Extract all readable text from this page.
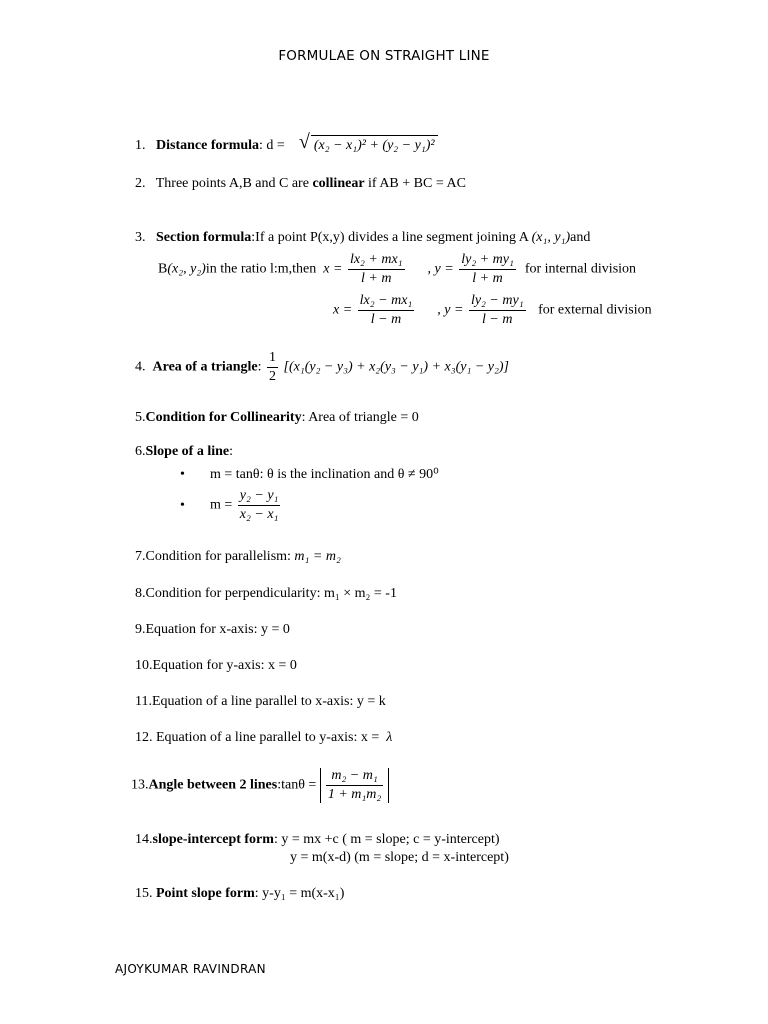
FORMULAE ON STRAIGHT LINE
1. Distance formula: d = √ (x₂ − x₁)² + (y₂ − y₁)²
2. Three points A,B and C are collinear if AB + BC = AC
3. Section formula:If a point P(x,y) divides a line segment joining A (x₁, y₁)and
B(x₂, y₂)in the ratio l:m,then $x = \frac{\text{lx₂ + mx₁}}{l + m}$ , $y = \frac{\text{ly₂ + my₁}}{l + m}$ for internal division
$x = \frac{\text{lx₂ − mx₁}}{l - m}$ , $y = \frac{\text{ly₂ − my₁}}{l - m}$ for external division
4. Area of a triangle: $\frac{1}{2} [(x_1(y_2 - y_3) + x_2(y_3 - y_1) + x_3(y_1 - y_2)]$
5.Condition for Collinearity: Area of triangle = 0
6.Slope of a line:
• m = tanθ: θ is the inclination and θ ≠ 90⁰
• $m = \frac{\text{y₂ − y₁}}{\text{x₂ − x₁}}$
7.Condition for parallelism: m₁ = m₂
8.Condition for perpendicularity: m₁ × m₂ = -1
9.Equation for x-axis: y = 0
10.Equation for y-axis: x = 0
11.Equation of a line parallel to x-axis: y = k
12. Equation of a line parallel to y-axis: x =  λ
13.Angle between 2 lines:tanθ = $\frac{\text{m₂ − m₁}}{\text{1 + m₁m₂}}$
14.slope-intercept form: y = mx +c ( m = slope; c = y-intercept)
y = m(x-d) (m = slope; d = x-intercept)
15. Point slope form: y-y₁ = m(x-x₁)
AJOYKUMAR RAVINDRAN
